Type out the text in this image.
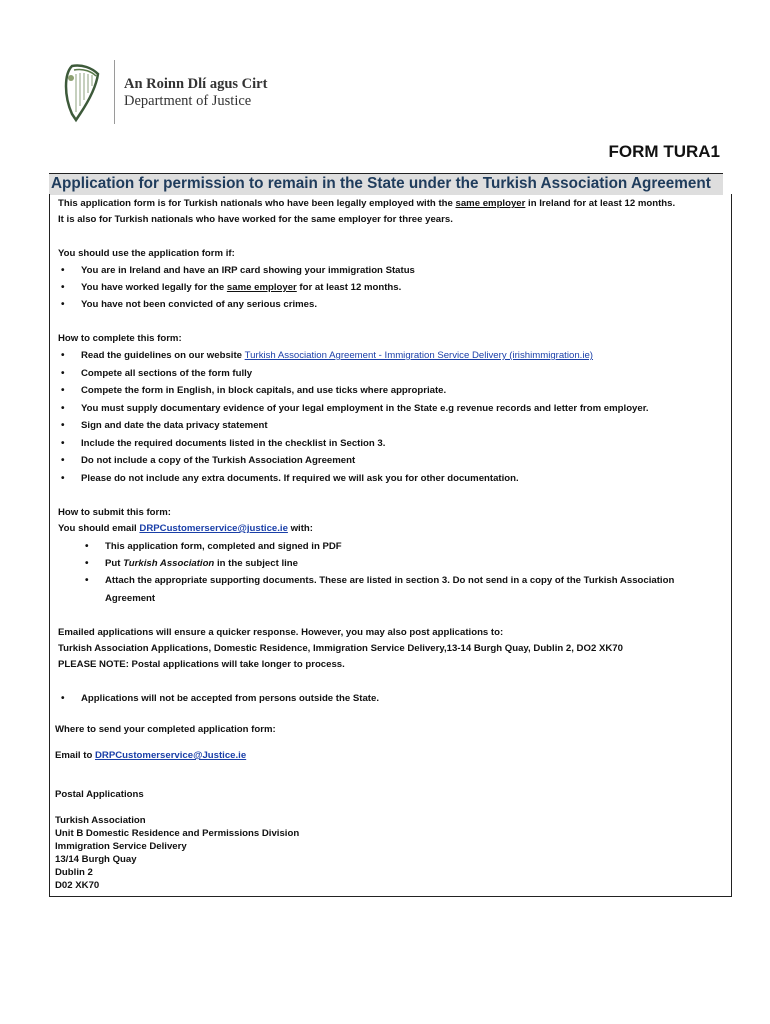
An Roinn Dlí agus Cirt
Department of Justice
FORM TURA1
Application for permission to remain in the State under the Turkish Association Agreement
This application form is for Turkish nationals who have been legally employed with the same employer in Ireland for at least 12 months.
It is also for Turkish nationals who have worked for the same employer for three years.
You should use the application form if:
• You are in Ireland and have an IRP card showing your immigration Status
• You have worked legally for the same employer for at least 12 months.
• You have not been convicted of any serious crimes.
How to complete this form:
• Read the guidelines on our website Turkish Association Agreement - Immigration Service Delivery (irishimmigration.ie)
• Compete all sections of the form fully
• Compete the form in English, in block capitals, and use ticks where appropriate.
• You must supply documentary evidence of your legal employment in the State e.g revenue records and letter from employer.
• Sign and date the data privacy statement
• Include the required documents listed in the checklist in Section 3.
• Do not include a copy of the Turkish Association Agreement
• Please do not include any extra documents. If required we will ask you for other documentation.
How to submit this form:
You should email DRPCustomerservice@justice.ie with:
• This application form, completed and signed in PDF
• Put Turkish Association in the subject line
• Attach the appropriate supporting documents. These are listed in section 3. Do not send in a copy of the Turkish Association
Agreement
Emailed applications will ensure a quicker response. However, you may also post applications to:
Turkish Association Applications, Domestic Residence, Immigration Service Delivery,13-14 Burgh Quay, Dublin 2, DO2 XK70
PLEASE NOTE: Postal applications will take longer to process.
• Applications will not be accepted from persons outside the State.
Where to send your completed application form:
Email to DRPCustomerservice@Justice.ie
Postal Applications
Turkish Association
Unit B Domestic Residence and Permissions Division
Immigration Service Delivery
13/14 Burgh Quay
Dublin 2
D02 XK70
